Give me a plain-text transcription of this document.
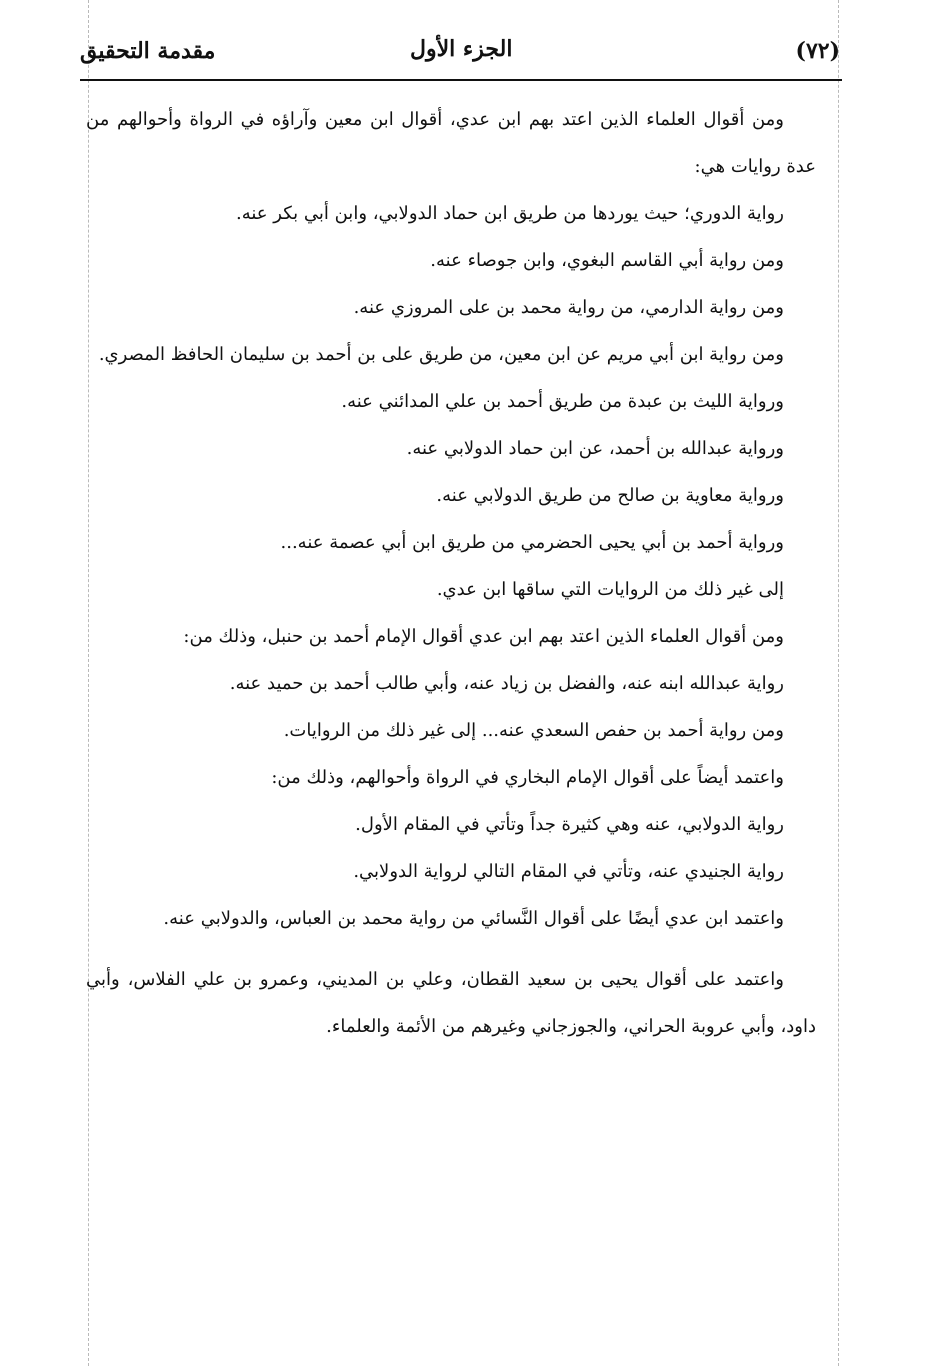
(٧٢)
الجزء الأول
مقدمة التحقيق

ومن أقوال العلماء الذين اعتد بهم ابن عدي، أقوال ابن معين وآراؤه في الرواة وأحوالهم من عدة روايات هي:

رواية الدوري؛ حيث يوردها من طريق ابن حماد الدولابي، وابن أبي بكر عنه.

ومن رواية أبي القاسم البغوي، وابن جوصاء عنه.

ومن رواية الدارمي، من رواية محمد بن على المروزي عنه.

ومن رواية ابن أبي مريم عن ابن معين، من طريق على بن أحمد بن سليمان الحافظ المصري.

ورواية الليث بن عبدة من طريق أحمد بن علي المدائني عنه.

ورواية عبدالله بن أحمد، عن ابن حماد الدولابي عنه.

ورواية معاوية بن صالح من طريق الدولابي عنه.

ورواية أحمد بن أبي يحيى الحضرمي من طريق ابن أبي عصمة عنه...

إلى غير ذلك من الروايات التي ساقها ابن عدي.

ومن أقوال العلماء الذين اعتد بهم ابن عدي أقوال الإمام أحمد بن حنبل، وذلك من:

رواية عبدالله ابنه عنه، والفضل بن زياد عنه، وأبي طالب أحمد بن حميد عنه.

ومن رواية أحمد بن حفص السعدي عنه... إلى غير ذلك من الروايات.

واعتمد أيضاً على أقوال الإمام البخاري في الرواة وأحوالهم، وذلك من:

رواية الدولابي، عنه وهي كثيرة جداً وتأتي في المقام الأول.

رواية الجنيدي عنه، وتأتي في المقام التالي لرواية الدولابي.

واعتمد ابن عدي أيضًا على أقوال النَّسائي من رواية محمد بن العباس، والدولابي عنه.

واعتمد على أقوال يحيى بن سعيد القطان، وعلي بن المديني، وعمرو بن علي الفلاس، وأبي داود، وأبي عروبة الحراني، والجوزجاني وغيرهم من الأئمة والعلماء.
